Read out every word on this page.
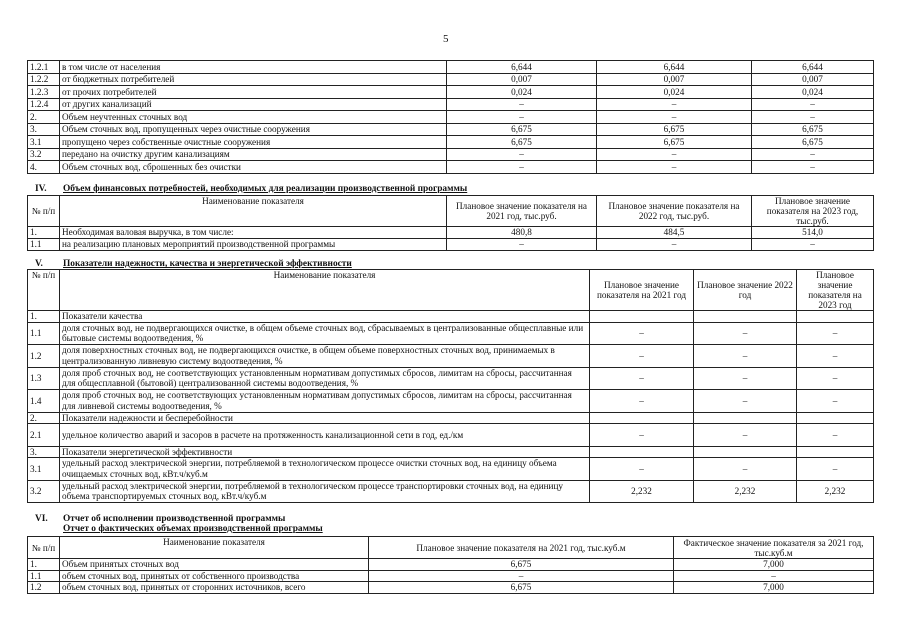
5
1.2.1	в том числе от населения	6,644	6,644	6,644
1.2.2	от бюджетных потребителей	0,007	0,007	0,007
1.2.3	от прочих потребителей	0,024	0,024	0,024
1.2.4	от других канализаций	–	–	–
2.	Объем неучтенных сточных вод	–	–	–
3.	Объем сточных вод, пропущенных через очистные сооружения	6,675	6,675	6,675
3.1	пропущено через собственные очистные сооружения	6,675	6,675	6,675
3.2	передано на очистку другим канализациям	–	–	–
4.	Объем сточных вод, сброшенных без очистки	–	–	–
IV. Объем финансовых потребностей, необходимых для реализации производственной программы
№ п/п	Наименование показателя	Плановое значение показателя на 2021 год, тыс.руб.	Плановое значение показателя на 2022 год, тыс.руб.	Плановое значение показателя на 2023 год, тыс.руб.
1.	Необходимая валовая выручка, в том числе:	480,8	484,5	514,0
1.1	на реализацию плановых мероприятий производственной программы	–	–	–
V. Показатели надежности, качества и энергетической эффективности
№ п/п	Наименование показателя	Плановое значение показателя на 2021 год	Плановое значение 2022 год	Плановое значение показателя на 2023 год
1.	Показатели качества			
1.1	доля сточных вод, не подвергающихся очистке, в общем объеме сточных вод, сбрасываемых в централизованные общесплавные или бытовые системы водоотведения, %	–	–	–
1.2	доля поверхностных сточных вод, не подвергающихся очистке, в общем объеме поверхностных сточных вод, принимаемых в централизованную ливневую систему водоотведения, %	–	–	–
1.3	доля проб сточных вод, не соответствующих установленным нормативам допустимых сбросов, лимитам на сбросы, рассчитанная для общесплавной (бытовой) централизованной системы водоотведения, %	–	–	–
1.4	доля проб сточных вод, не соответствующих установленным нормативам допустимых сбросов, лимитам на сбросы, рассчитанная для ливневой системы водоотведения, %	–	–	–
2.	Показатели надежности и бесперебойности			
2.1	удельное количество аварий и засоров в расчете на протяженность канализационной сети в год, ед./км	–	–	–
3.	Показатели энергетической эффективности			
3.1	удельный расход электрической энергии, потребляемой в технологическом процессе очистки сточных вод, на единицу объема очищаемых сточных вод, кВт.ч/куб.м	–	–	–
3.2	удельный расход электрической энергии, потребляемой в технологическом процессе транспортировки сточных вод, на единицу объема транспортируемых сточных вод, кВт.ч/куб.м	2,232	2,232	2,232
VI. Отчет об исполнении производственной программы
Отчет о фактических объемах производственной программы
№ п/п	Наименование показателя	Плановое значение показателя на 2021 год, тыс.куб.м	Фактическое значение показателя за 2021 год, тыс.куб.м
1.	Объем принятых сточных вод	6,675	7,000
1.1	объем сточных вод, принятых от собственного производства	–	–
1.2	объем сточных вод, принятых от сторонних источников, всего	6,675	7,000
